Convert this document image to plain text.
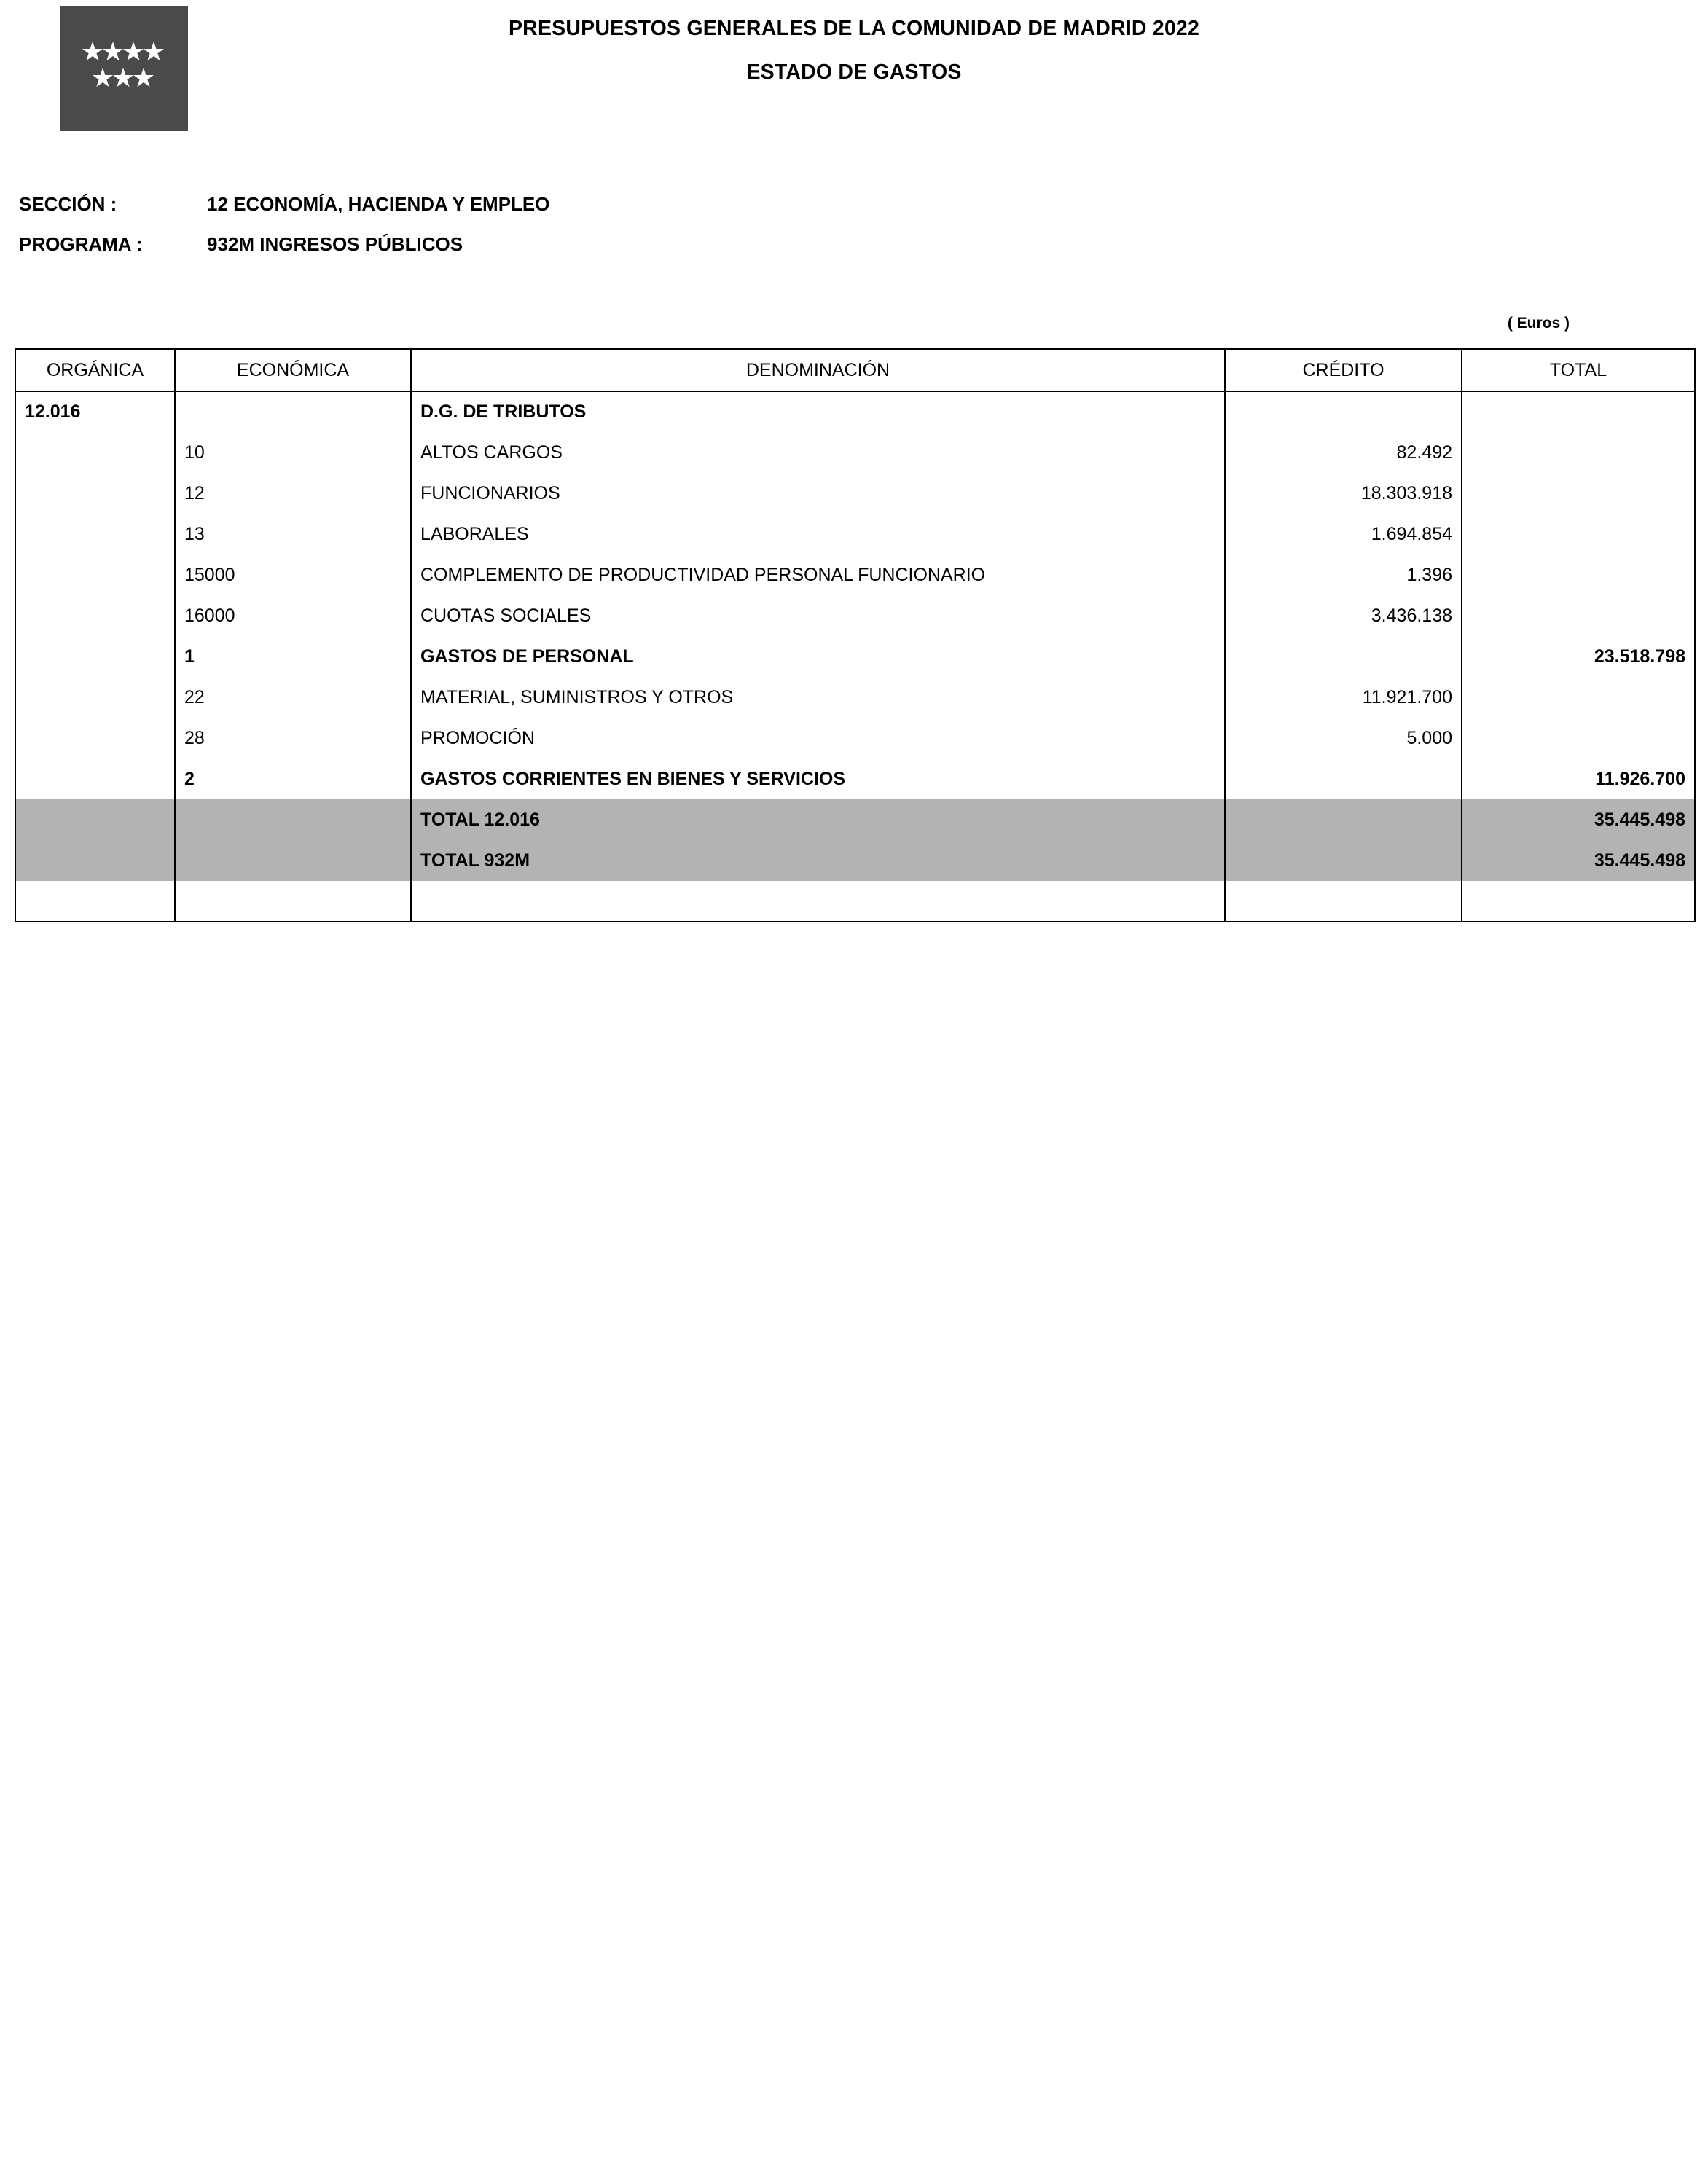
PRESUPUESTOS GENERALES DE LA COMUNIDAD DE MADRID 2022
ESTADO DE GASTOS
SECCIÓN :	12 ECONOMÍA, HACIENDA Y EMPLEO
PROGRAMA :	932M INGRESOS PÚBLICOS
( Euros )
ORGÁNICA	ECONÓMICA	DENOMINACIÓN	CRÉDITO	TOTAL
12.016		D.G. DE TRIBUTOS		
	10	ALTOS CARGOS	82.492	
	12	FUNCIONARIOS	18.303.918	
	13	LABORALES	1.694.854	
	15000	COMPLEMENTO DE PRODUCTIVIDAD PERSONAL FUNCIONARIO	1.396	
	16000	CUOTAS SOCIALES	3.436.138	
	1	GASTOS DE PERSONAL		23.518.798
	22	MATERIAL, SUMINISTROS Y OTROS	11.921.700	
	28	PROMOCIÓN	5.000	
	2	GASTOS CORRIENTES EN BIENES Y SERVICIOS		11.926.700
		TOTAL 12.016		35.445.498
		TOTAL 932M		35.445.498
